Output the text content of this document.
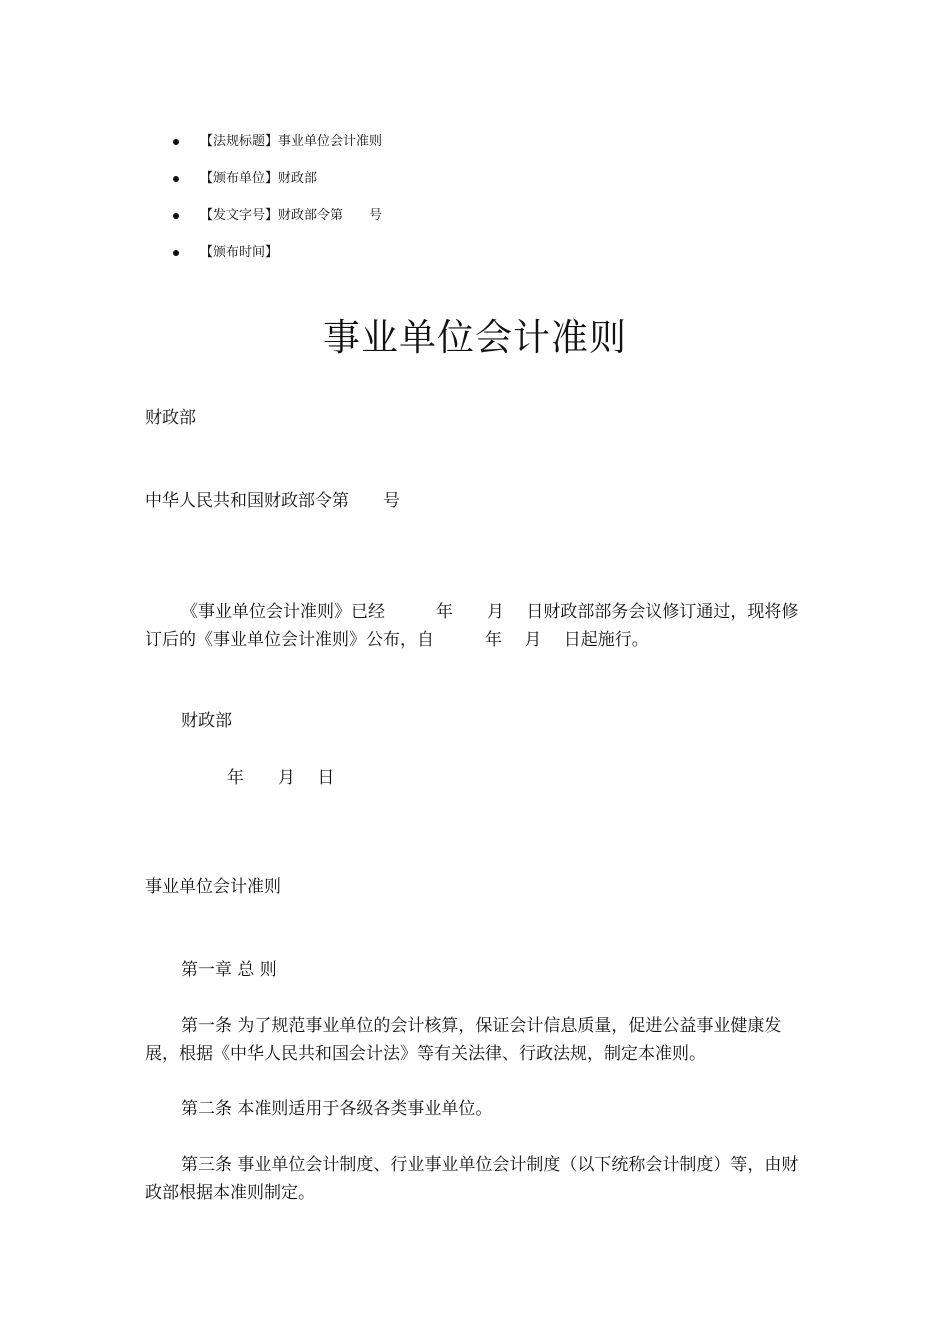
【法规标题】事业单位会计准则
【颁布单位】财政部
【发文字号】财政部令第　　号
【颁布时间】
事业单位会计准则

财政部

中华人民共和国财政部令第　　号

《事业单位会计准则》已经　　　年　　月　 日财政部部务会议修订通过，现将修订后的《事业单位会计准则》公布，自　　　年　 月　 日起施行。

财政部

年　　月　 日

事业单位会计准则

第一章 总 则

第一条 为了规范事业单位的会计核算，保证会计信息质量，促进公益事业健康发展，根据《中华人民共和国会计法》等有关法律、行政法规，制定本准则。

第二条 本准则适用于各级各类事业单位。

第三条 事业单位会计制度、行业事业单位会计制度（以下统称会计制度）等，由财政部根据本准则制定。
